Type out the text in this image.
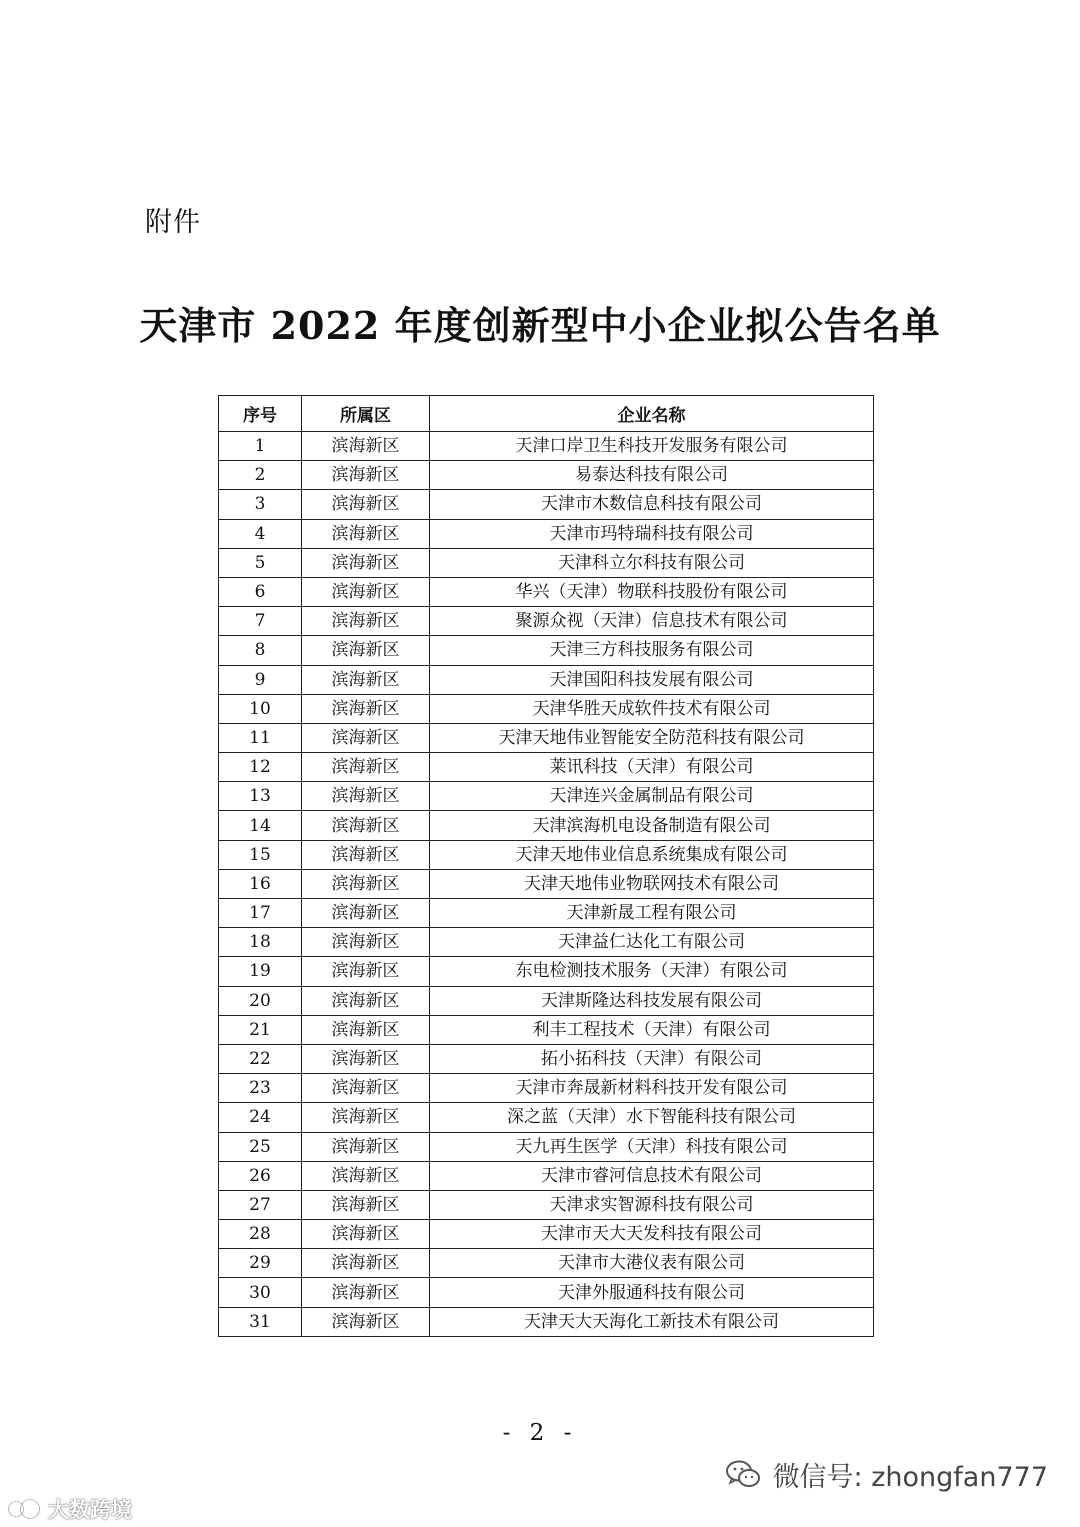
附件
天津市 2022 年度创新型中小企业拟公告名单
序号	所属区	企业名称
1	滨海新区	天津口岸卫生科技开发服务有限公司
2	滨海新区	易泰达科技有限公司
3	滨海新区	天津市木数信息科技有限公司
4	滨海新区	天津市玛特瑞科技有限公司
5	滨海新区	天津科立尔科技有限公司
6	滨海新区	华兴（天津）物联科技股份有限公司
7	滨海新区	聚源众视（天津）信息技术有限公司
8	滨海新区	天津三方科技服务有限公司
9	滨海新区	天津国阳科技发展有限公司
10	滨海新区	天津华胜天成软件技术有限公司
11	滨海新区	天津天地伟业智能安全防范科技有限公司
12	滨海新区	莱讯科技（天津）有限公司
13	滨海新区	天津连兴金属制品有限公司
14	滨海新区	天津滨海机电设备制造有限公司
15	滨海新区	天津天地伟业信息系统集成有限公司
16	滨海新区	天津天地伟业物联网技术有限公司
17	滨海新区	天津新晟工程有限公司
18	滨海新区	天津益仁达化工有限公司
19	滨海新区	东电检测技术服务（天津）有限公司
20	滨海新区	天津斯隆达科技发展有限公司
21	滨海新区	利丰工程技术（天津）有限公司
22	滨海新区	拓小拓科技（天津）有限公司
23	滨海新区	天津市奔晟新材料科技开发有限公司
24	滨海新区	深之蓝（天津）水下智能科技有限公司
25	滨海新区	天九再生医学（天津）科技有限公司
26	滨海新区	天津市睿河信息技术有限公司
27	滨海新区	天津求实智源科技有限公司
28	滨海新区	天津市天大天发科技有限公司
29	滨海新区	天津市大港仪表有限公司
30	滨海新区	天津外服通科技有限公司
31	滨海新区	天津天大天海化工新技术有限公司
- 2 -
大数跨境
微信号: zhongfan777
